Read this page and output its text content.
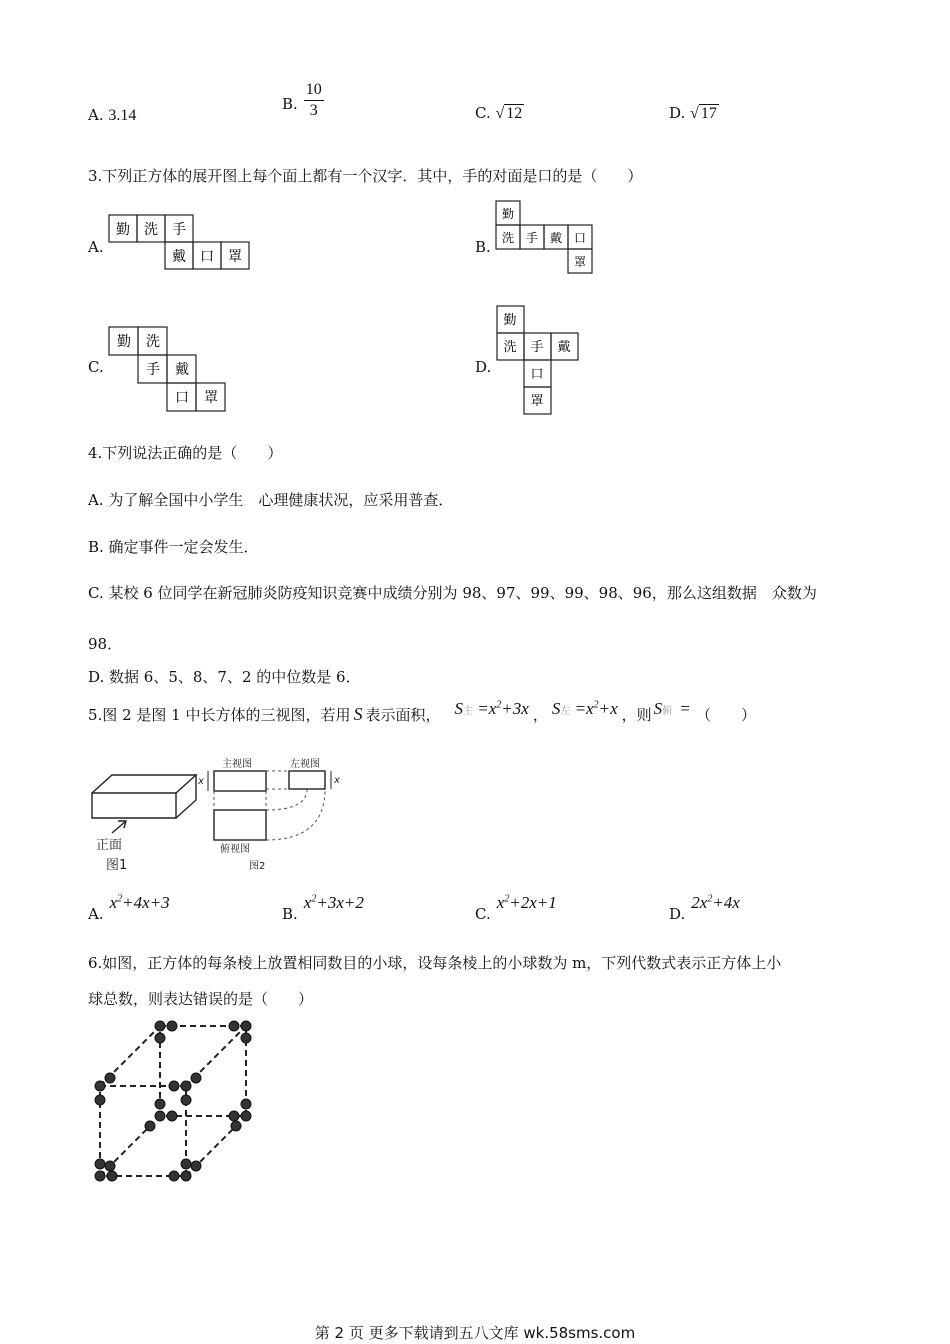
A. 3.14
B. $\frac{10}{3}$	C. √ 12	D. √ 17
3.下列正方体的展开图上每个面上都有一个汉字．其中，手的对面是口的是（　　）
A.
勤 洗 手
戴 口 罩
B.
勤
洗 手 戴 口
罩
C.
勤 洗
手 戴
口 罩
D.
勤
洗 手 戴
口
罩
4.下列说法正确的是（　　）
A. 为了解全国中小学生　心理健康状况，应采用普查．
B. 确定事件一定会发生．
C. 某校 6 位同学在新冠肺炎防疫知识竞赛中成绩分别为 98、97、99、99、98、96，那么这组数据　众数为
98．
D. 数据 6、5、8、7、2 的中位数是 6．
5.图 2 是图 1 中长方体的三视图，若用 S 表示面积， S主 $=x^2+3x$ ， S左 $=x^2+x$ ，则 S俯 = （　　）
主视图	左视图
俯视图
图2
x	x
正面
图1
A.
$x^2+4x+3$
B.
$x^2+3x+2$
C.
$x^2+2x+1$
D.
$2x^2+4x$
6.如图，正方体的每条棱上放置相同数目的小球，设每条棱上的小球数为 m，下列代数式表示正方体上小
球总数，则表达错误的是（　　）
第 2 页 更多下载请到五八文库 wk.58sms.com
